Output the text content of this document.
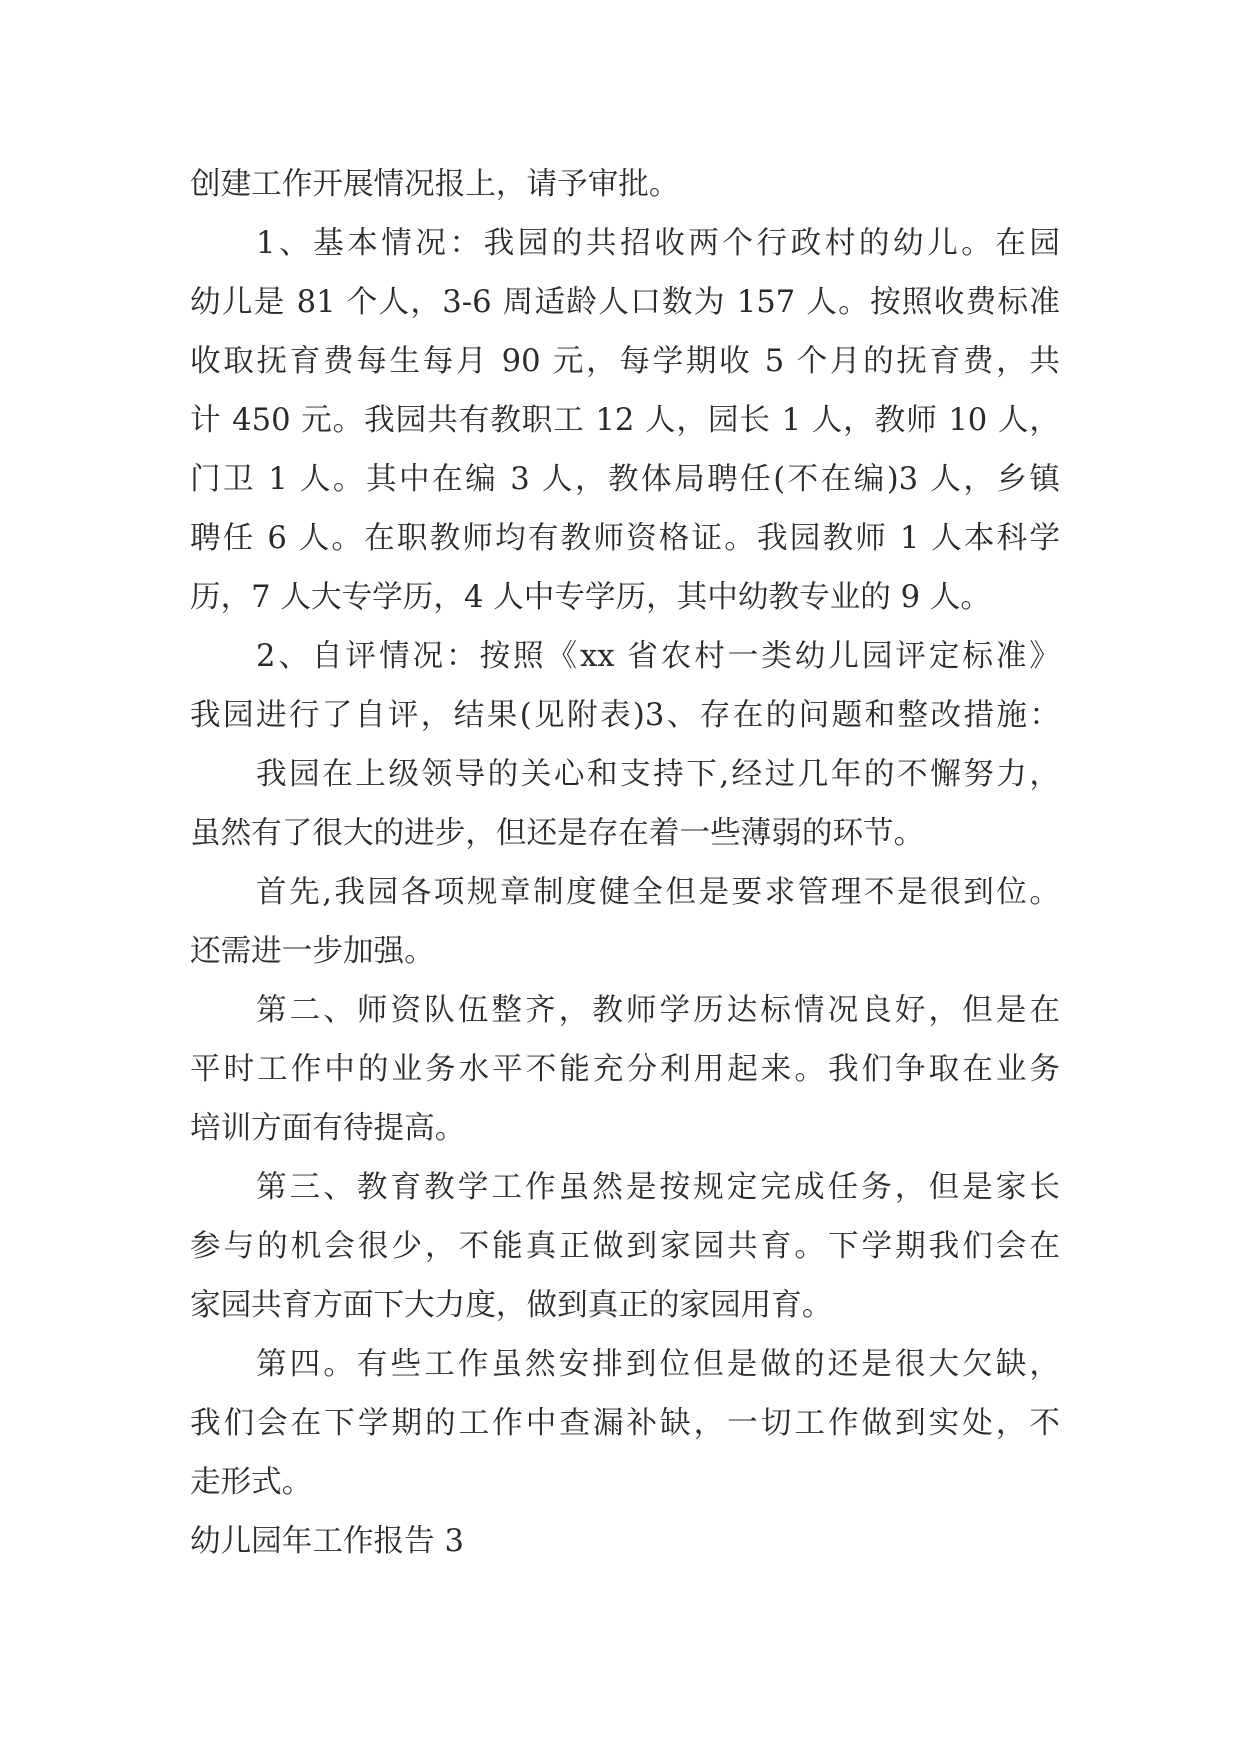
创建工作开展情况报上，请予审批。
1、基本情况：我园的共招收两个行政村的幼儿。在园
幼儿是 81 个人，3-6 周适龄人口数为 157 人。按照收费标准
收取抚育费每生每月 90 元，每学期收 5 个月的抚育费，共
计 450 元。我园共有教职工 12 人，园长 1 人，教师 10 人，
门卫 1 人。其中在编 3 人，教体局聘任(不在编)3 人，乡镇
聘任 6 人。在职教师均有教师资格证。我园教师 1 人本科学
历，7 人大专学历，4 人中专学历，其中幼教专业的 9 人。
2、自评情况：按照《xx 省农村一类幼儿园评定标准》
我园进行了自评，结果(见附表)3、存在的问题和整改措施：
我园在上级领导的关心和支持下,经过几年的不懈努力，
虽然有了很大的进步，但还是存在着一些薄弱的环节。
首先,我园各项规章制度健全但是要求管理不是很到位。
还需进一步加强。
第二、师资队伍整齐，教师学历达标情况良好，但是在
平时工作中的业务水平不能充分利用起来。我们争取在业务
培训方面有待提高。
第三、教育教学工作虽然是按规定完成任务，但是家长
参与的机会很少，不能真正做到家园共育。下学期我们会在
家园共育方面下大力度，做到真正的家园用育。
第四。有些工作虽然安排到位但是做的还是很大欠缺，
我们会在下学期的工作中查漏补缺，一切工作做到实处，不
走形式。
幼儿园年工作报告 3
